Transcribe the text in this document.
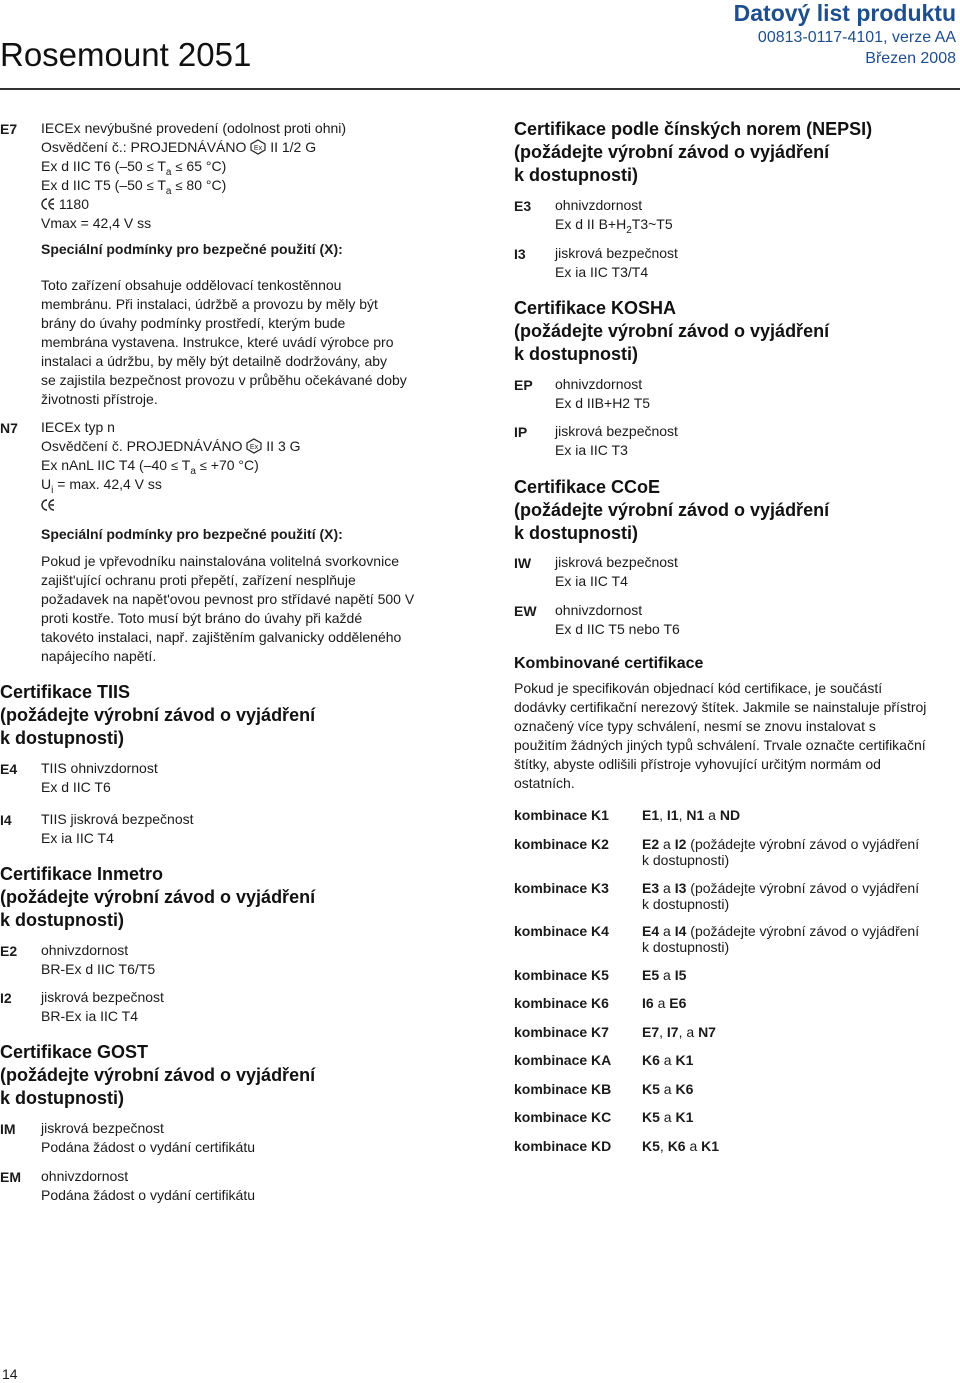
Rosemount 2051
Datový list produktu
00813-0117-4101, verze AA
Březen 2008
E7 IECEx nevýbušné provedení (odolnost proti ohni)
Osvědčení č.: PROJEDNÁVÁNO Ex II 1/2 G
Ex d IIC T6 ($-50 \le T_a \le 65$ °C)
Ex d IIC T5 ($-50 \le T_a \le 80$ °C)
1180
Vmax = 42,4 V ss
Speciální podmínky pro bezpečné použití (X):
Toto zařízení obsahuje oddělovací tenkostěnnou
membránu. Při instalaci, údržbě a provozu by měly být
brány do úvahy podmínky prostředí, kterým bude
membrána vystavena. Instrukce, které uvádí výrobce pro
instalaci a údržbu, by měly být detailně dodržovány, aby
se zajistila bezpečnost provozu v průběhu očekávané doby
životnosti přístroje.
N7 IECEx typ n
Osvědčení č. PROJEDNÁVÁNO Ex II 3 G
Ex nAnL IIC T4 ($-40 \le T_a \le +70$ °C)
$U_i = \max$. 42,4 V ss
Speciální podmínky pro bezpečné použití (X):
Pokud je vpřevodníku nainstalována volitelná svorkovnice
zajišt'ující ochranu proti přepětí, zařízení nesplňuje
požadavek na napět'ovou pevnost pro střídavé napětí 500 V
proti kostře. Toto musí být bráno do úvahy při každé
takovéto instalaci, např. zajištěním galvanicky odděleného
napájecího napětí.
Certifikace TIIS
(požádejte výrobní závod o vyjádření
k dostupnosti)
E4 TIIS ohnivzdornost
Ex d IIC T6
I4 TIIS jiskrová bezpečnost
Ex ia IIC T4
Certifikace Inmetro
(požádejte výrobní závod o vyjádření
k dostupnosti)
E2 ohnivzdornost
BR-Ex d IIC T6/T5
I2 jiskrová bezpečnost
BR-Ex ia IIC T4
Certifikace GOST
(požádejte výrobní závod o vyjádření
k dostupnosti)
IM jiskrová bezpečnost
Podána žádost o vydání certifikátu
EM ohnivzdornost
Podána žádost o vydání certifikátu
Certifikace podle čínských norem (NEPSI)
(požádejte výrobní závod o vyjádření
k dostupnosti)
E3 ohnivzdornost
Ex d II $B+H_2T3\sim T5$
I3 jiskrová bezpečnost
Ex ia IIC T3/T4
Certifikace KOSHA
(požádejte výrobní závod o vyjádření
k dostupnosti)
EP ohnivzdornost
Ex d IIB+H2 T5
IP jiskrová bezpečnost
Ex ia IIC T3
Certifikace CCoE
(požádejte výrobní závod o vyjádření
k dostupnosti)
IW jiskrová bezpečnost
Ex ia IIC T4
EW ohnivzdornost
Ex d IIC T5 nebo T6
Kombinované certifikace
Pokud je specifikován objednací kód certifikace, je součástí
dodávky certifikační nerezový štítek. Jakmile se nainstaluje přístroj
označený více typy schválení, nesmí se znovu instalovat s
použitím žádných jiných typů schválení. Trvale označte certifikační
štítky, abyste odlišili přístroje vyhovující určitým normám od
ostatních.
kombinace K1 E1, I1, N1 a ND
kombinace K2 E2 a I2 (požádejte výrobní závod o vyjádření
k dostupnosti)
kombinace K3 E3 a I3 (požádejte výrobní závod o vyjádření
k dostupnosti)
kombinace K4 E4 a I4 (požádejte výrobní závod o vyjádření
k dostupnosti)
kombinace K5 E5 a I5
kombinace K6 I6 a E6
kombinace K7 E7, I7, a N7
kombinace KA K6 a K1
kombinace KB K5 a K6
kombinace KC K5 a K1
kombinace KD K5, K6 a K1
14
